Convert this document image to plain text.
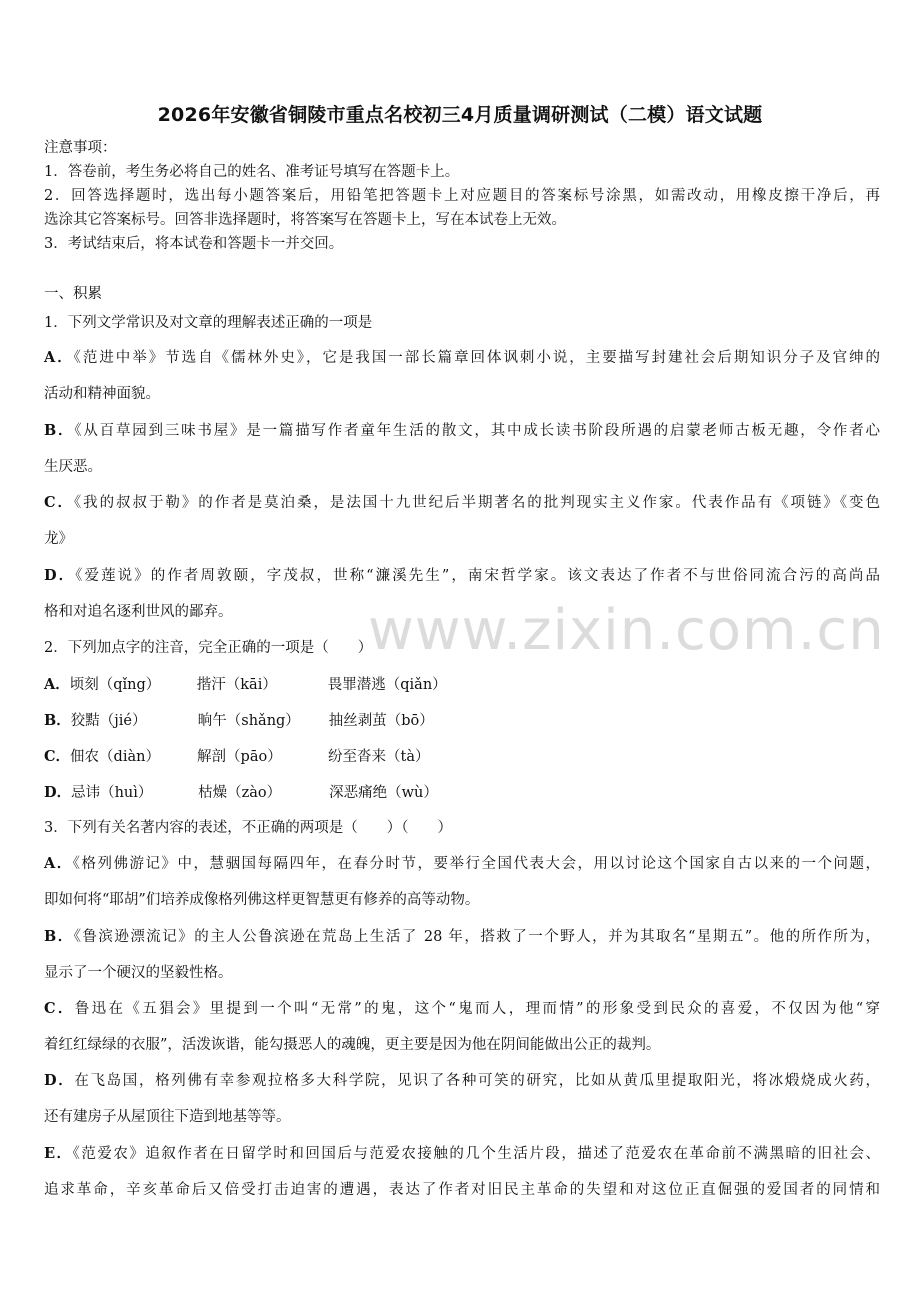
www.zixin.com.cn
2026年安徽省铜陵市重点名校初三4月质量调研测试（二模）语文试题
注意事项：
1．答卷前，考生务必将自己的姓名、准考证号填写在答题卡上。
2．回答选择题时，选出每小题答案后，用铅笔把答题卡上对应题目的答案标号涂黑，如需改动，用橡皮擦干净后，再
选涂其它答案标号。回答非选择题时，将答案写在答题卡上，写在本试卷上无效。
3．考试结束后，将本试卷和答题卡一并交回。
一、积累
1．下列文学常识及对文章的理解表述正确的一项是
A．《范进中举》节选自《儒林外史》，它是我国一部长篇章回体讽刺小说，主要描写封建社会后期知识分子及官绅的
活动和精神面貌。
B．《从百草园到三味书屋》是一篇描写作者童年生活的散文，其中成长读书阶段所遇的启蒙老师古板无趣，令作者心
生厌恶。
C．《我的叔叔于勒》的作者是莫泊桑，是法国十九世纪后半期著名的批判现实主义作家。代表作品有《项链》《变色
龙》
D．《爱莲说》的作者周敦颐，字茂叔，世称“濂溪先生”，南宋哲学家。该文表达了作者不与世俗同流合污的高尚品
格和对追名逐利世风的鄙弃。
2．下列加点字的注音，完全正确的一项是（　　）
A．顷刻（qǐng）	揩汗（kāi）	畏罪潜逃（qiǎn）
B．狡黠（jié）	晌午（shǎng） 抽丝剥茧（bō）
C．佃农（diàn）	解剖（pāo）	纷至沓来（tà）
D．忌讳（huì）	枯燥（zào）	深恶痛绝（wù）
3．下列有关名著内容的表述，不正确的两项是（　　）（　　）
A．《格列佛游记》中，慧骃国每隔四年，在春分时节，要举行全国代表大会，用以讨论这个国家自古以来的一个问题，
即如何将“耶胡”们培养成像格列佛这样更智慧更有修养的高等动物。
B．《鲁滨逊漂流记》的主人公鲁滨逊在荒岛上生活了 28 年，搭救了一个野人，并为其取名“星期五”。他的所作所为，
显示了一个硬汉的坚毅性格。
C．鲁迅在《五猖会》里提到一个叫“无常”的鬼，这个“鬼而人，理而情”的形象受到民众的喜爱，不仅因为他“穿
着红红绿绿的衣服”，活泼诙谐，能勾摄恶人的魂魄，更主要是因为他在阴间能做出公正的裁判。
D．在飞岛国，格列佛有幸参观拉格多大科学院，见识了各种可笑的研究，比如从黄瓜里提取阳光，将冰煅烧成火药，
还有建房子从屋顶往下造到地基等等。
E．《范爱农》追叙作者在日留学时和回国后与范爱农接触的几个生活片段，描述了范爱农在革命前不满黑暗的旧社会、
追求革命，辛亥革命后又倍受打击迫害的遭遇，表达了作者对旧民主革命的失望和对这位正直倔强的爱国者的同情和
